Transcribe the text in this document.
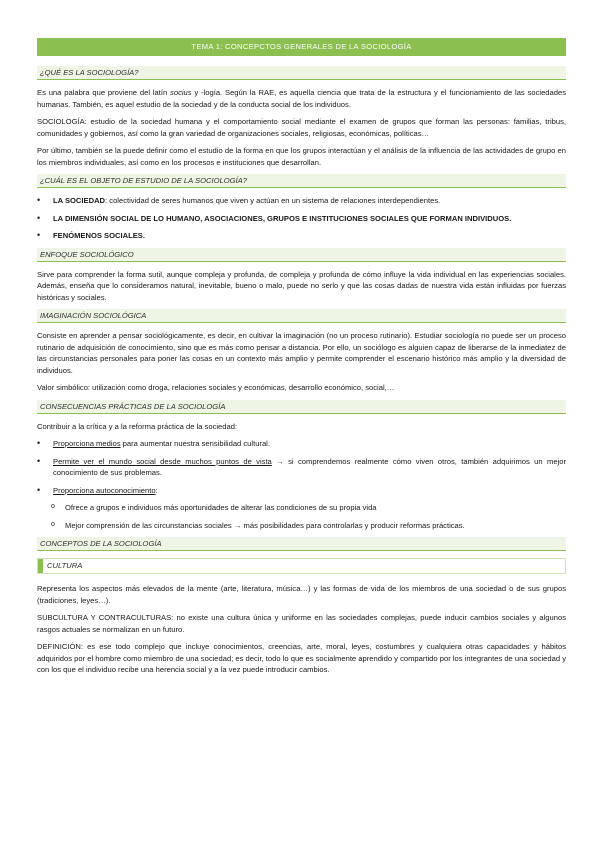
TEMA 1: CONCEPCTOS GENERALES DE LA SOCIOLOGÍA
¿QUÉ ES LA SOCIOLOGÍA?

Es una palabra que proviene del latín socius y -logía. Según la RAE, es aquella ciencia que trata de la estructura y el funcionamiento de las sociedades humanas. También, es aquel estudio de la sociedad y de la conducta social de los individuos.

SOCIOLOGÍA: estudio de la sociedad humana y el comportamiento social mediante el examen de grupos que forman las personas: familias, tribus, comunidades y gobiernos, así como la gran variedad de organizaciones sociales, religiosas, económicas, políticas…

Por último, también se la puede definir como el estudio de la forma en que los grupos interactúan y el análisis de la influencia de las actividades de grupo en los miembros individuales, así como en los procesos e instituciones que desarrollan.

¿CUÁL ES EL OBJETO DE ESTUDIO DE LA SOCIOLOGÍA?
• LA SOCIEDAD: colectividad de seres humanos que viven y actúan en un sistema de relaciones interdependientes.
• LA DIMENSIÓN SOCIAL DE LO HUMANO, ASOCIACIONES, GRUPOS E INSTITUCIONES SOCIALES QUE FORMAN INDIVIDUOS.
• FENÓMENOS SOCIALES.
ENFOQUE SOCIOLÓGICO

Sirve para comprender la forma sutil, aunque compleja y profunda, de compleja y profunda de cómo influye la vida individual en las experiencias sociales. Además, enseña que lo consideramos natural, inevitable, bueno o malo, puede no serlo y que las cosas dadas de nuestra vida están influidas por fuerzas históricas y sociales.

IMAGINACIÓN SOCIOLÓGICA

Consiste en aprender a pensar sociológicamente, es decir, en cultivar la imaginación (no un proceso rutinario). Estudiar sociología no puede ser un proceso rutinario de adquisición de conocimiento, sino que es más como pensar a distancia. Por ello, un sociólogo es alguien capaz de liberarse de la inmediatez de las circunstancias personales para poner las cosas en un contexto más amplio y permite comprender el escenario histórico más amplio y la diversidad de individuos.

Valor simbólico: utilización como droga, relaciones sociales y económicas, desarrollo económico, social,…

CONSECUENCIAS PRÁCTICAS DE LA SOCIOLOGÍA

Contribuir a la crítica y a la reforma práctica de la sociedad:

• Proporciona medios para aumentar nuestra sensibilidad cultural.
• Permite ver el mundo social desde muchos puntos de vista → si comprendemos realmente cómo viven otros, también adquirimos un mejor conocimiento de sus problemas.
• Proporciona autoconocimiento:
o Ofrece a grupos e individuos más oportunidades de alterar las condiciones de su propia vida
o Mejor comprensión de las circunstancias sociales → más posibilidades para controlarlas y producir reformas prácticas.
CONCEPTOS DE LA SOCIOLOGÍA
CULTURA

Representa los aspectos más elevados de la mente (arte, literatura, música…) y las formas de vida de los miembros de una sociedad o de sus grupos (tradiciones, leyes…).

SUBCULTURA Y CONTRACULTURAS: no existe una cultura única y uniforme en las sociedades complejas, puede inducir cambios sociales y algunos rasgos actuales se normalizan en un futuro.

DEFINICIÓN: es ese todo complejo que incluye conocimientos, creencias, arte, moral, leyes, costumbres y cualquiera otras capacidades y hábitos adquiridos por el hombre como miembro de una sociedad; es decir, todo lo que es socialmente aprendido y compartido por los integrantes de una sociedad y con los que el individuo recibe una herencia social y a la vez puede introducir cambios.
